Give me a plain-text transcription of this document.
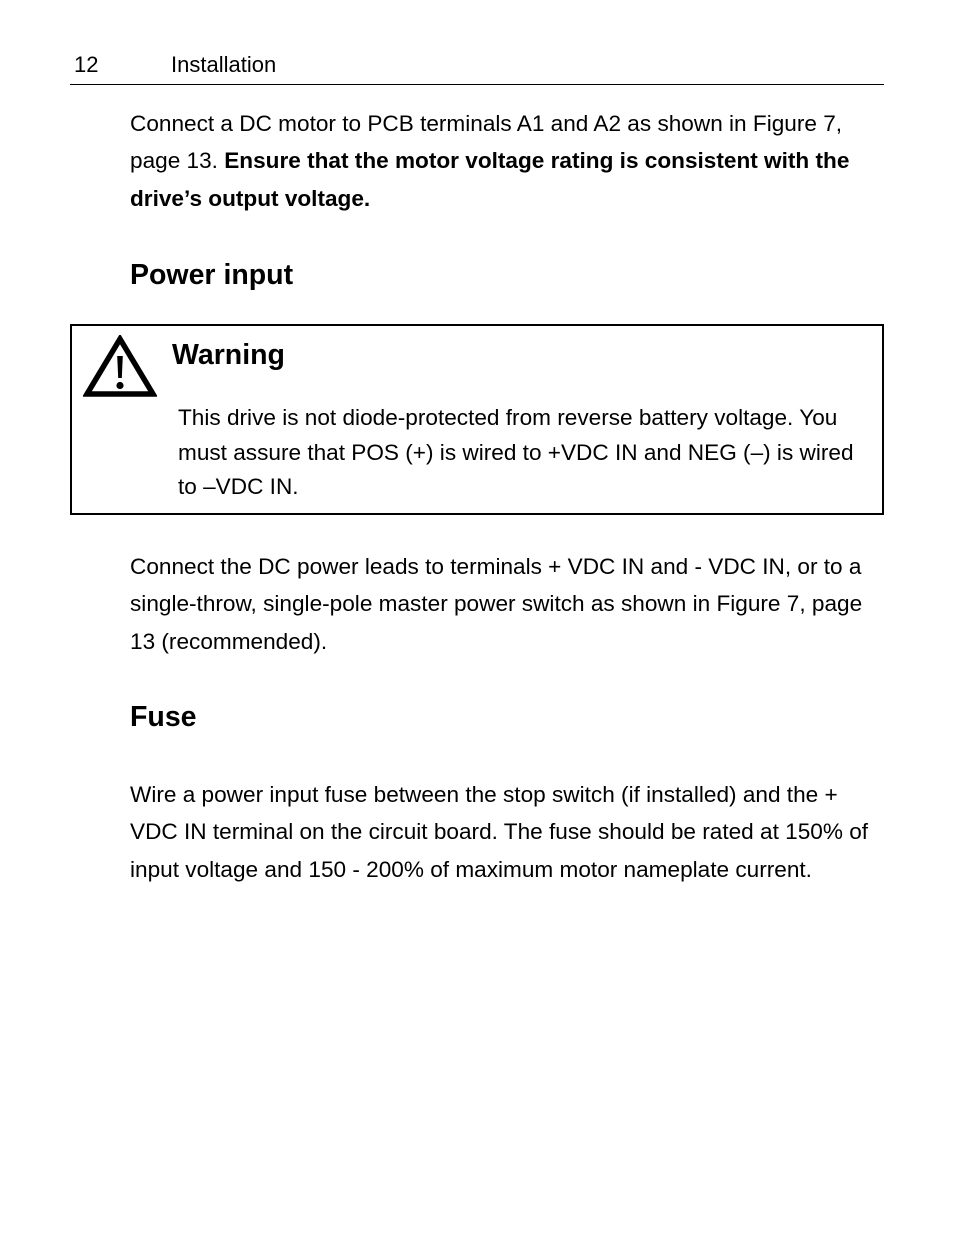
12	Installation

Connect a DC motor to PCB terminals A1 and A2 as shown in Figure 7, page 13. Ensure that the motor voltage rating is consistent with the drive’s output voltage.

Power input
Warning
This drive is not diode-protected from reverse battery voltage. You must assure that POS (+) is wired to +VDC IN and NEG (–) is wired to –VDC IN.

Connect the DC power leads to terminals + VDC IN and - VDC IN, or to a single-throw, single-pole master power switch as shown in Figure 7, page 13 (recommended).

Fuse

Wire a power input fuse between the stop switch (if installed) and the + VDC IN terminal on the circuit board. The fuse should be rated at 150% of input voltage and 150 - 200% of maximum motor nameplate current.
